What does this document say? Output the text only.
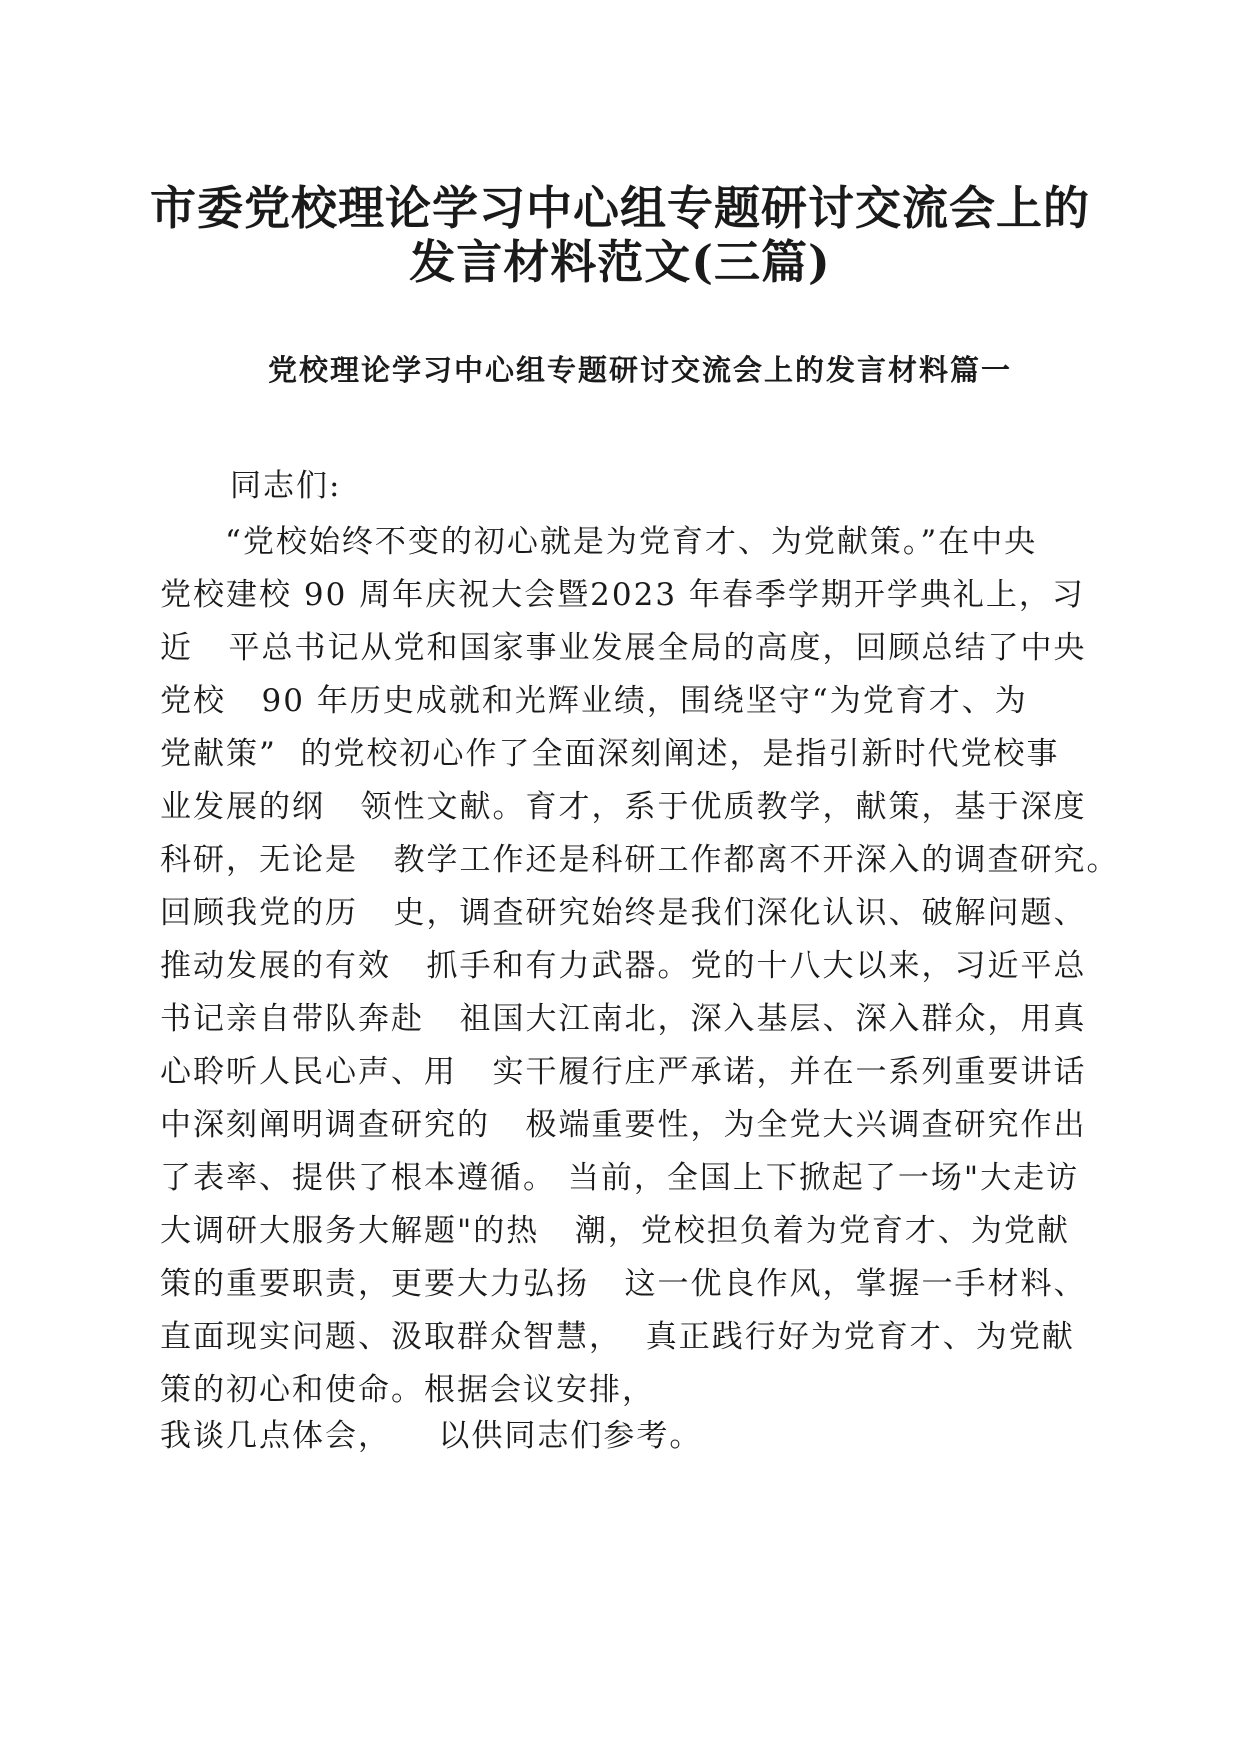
市委党校理论学习中心组专题研讨交流会上的
发言材料范文(三篇)
党校理论学习中心组专题研讨交流会上的发言材料篇一
同志们:
“党校始终不变的初心就是为党育才、为党献策。”在中央
党校建校 90 周年庆祝大会暨2023 年春季学期开学典礼上，习
近   平总书记从党和国家事业发展全局的高度，回顾总结了中央
党校   90 年历史成就和光辉业绩，围绕坚守“为党育才、为
党献策”  的党校初心作了全面深刻阐述，是指引新时代党校事
业发展的纲   领性文献。育才，系于优质教学，献策，基于深度
科研，无论是   教学工作还是科研工作都离不开深入的调查研究。
回顾我党的历   史，调查研究始终是我们深化认识、破解问题、
推动发展的有效   抓手和有力武器。党的十八大以来，习近平总
书记亲自带队奔赴   祖国大江南北，深入基层、深入群众，用真
心聆听人民心声、用   实干履行庄严承诺，并在一系列重要讲话
中深刻阐明调查研究的   极端重要性，为全党大兴调查研究作出
了表率、提供了根本遵循。 当前，全国上下掀起了一场"大走访
大调研大服务大解题"的热   潮，党校担负着为党育才、为党献
策的重要职责，更要大力弘扬   这一优良作风，掌握一手材料、
直面现实问题、汲取群众智慧，  真正践行好为党育才、为党献
策的初心和使命。根据会议安排，
我谈几点体会，    以供同志们参考。
